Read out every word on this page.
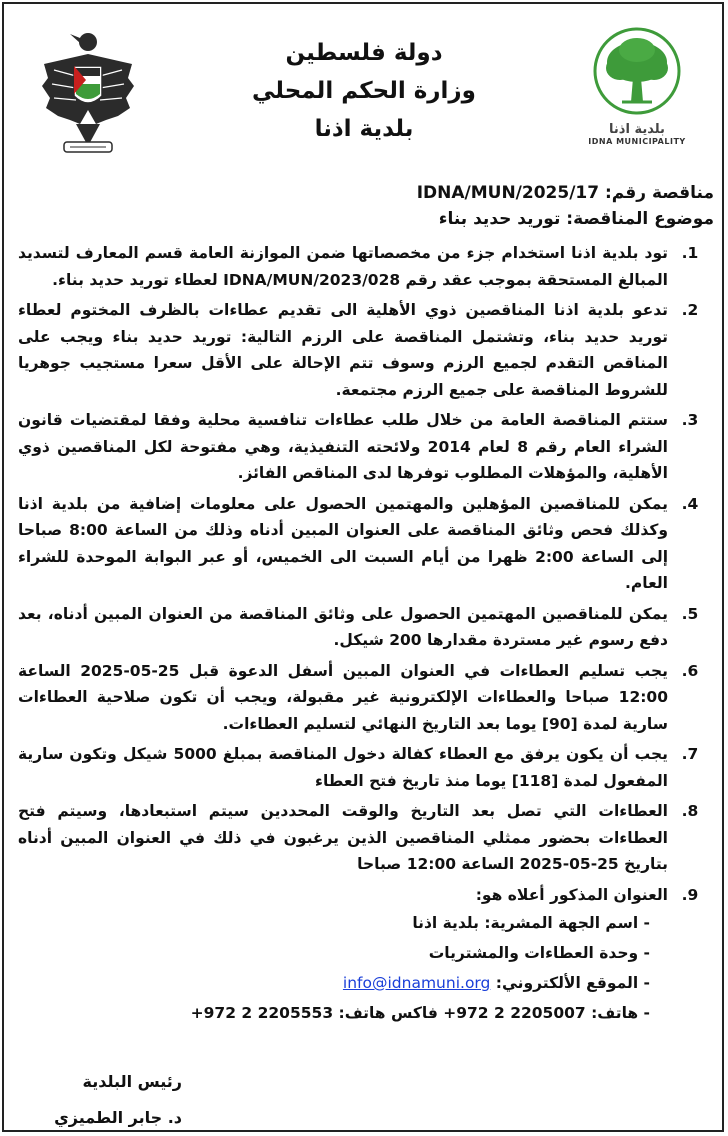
دولة فلسطين
وزارة الحكم المحلي
بلدية اذنا	بلدية اذنا
IDNA MUNICIPALITY
مناقصة رقم: IDNA/MUN/2025/17
موضوع المناقصة: توريد حديد بناء
.1
تود بلدية اذنا استخدام جزء من مخصصاتها ضمن الموازنة العامة قسم المعارف لتسديد المبالغ المستحقة بموجب عقد رقم IDNA/MUN/2023/028 لعطاء توريد حديد بناء.
.2
تدعو بلدية اذنا المناقصين ذوي الأهلية الى تقديم عطاءات بالظرف المختوم لعطاء توريد حديد بناء، وتشتمل المناقصة على الرزم التالية: توريد حديد بناء ويجب على المناقص التقدم لجميع الرزم وسوف تتم الإحالة على الأقل سعرا مستجيب جوهريا للشروط المناقصة على جميع الرزم مجتمعة.
.3
ستتم المناقصة العامة من خلال طلب عطاءات تنافسية محلية وفقا لمقتضيات قانون الشراء العام رقم 8 لعام 2014 ولائحته التنفيذية، وهي مفتوحة لكل المناقصين ذوي الأهلية، والمؤهلات المطلوب توفرها لدى المناقص الفائز.
.4
يمكن للمناقصين المؤهلين والمهتمين الحصول على معلومات إضافية من بلدية اذنا وكذلك فحص وثائق المناقصة على العنوان المبين أدناه وذلك من الساعة 8:00 صباحا إلى الساعة 2:00 ظهرا من أيام السبت الى الخميس، أو عبر البوابة الموحدة للشراء العام.
.5
يمكن للمناقصين المهتمين الحصول على وثائق المناقصة من العنوان المبين أدناه، بعد دفع رسوم غير مستردة مقدارها 200 شيكل.
.6
يجب تسليم العطاءات في العنوان المبين أسفل الدعوة قبل 25-05-2025 الساعة 12:00 صباحا والعطاءات الإلكترونية غير مقبولة، ويجب أن تكون صلاحية العطاءات سارية لمدة [90] يوما بعد التاريخ النهائي لتسليم العطاءات.
.7
يجب أن يكون يرفق مع العطاء كفالة دخول المناقصة بمبلغ 5000 شيكل وتكون سارية المفعول لمدة [118] يوما منذ تاريخ فتح العطاء
.8
العطاءات التي تصل بعد التاريخ والوقت المحددين سيتم استبعادها، وسيتم فتح العطاءات بحضور ممثلي المناقصين الذين يرغبون في ذلك في العنوان المبين أدناه بتاريخ 25-05-2025 الساعة 12:00 صباحا
.9
العنوان المذكور أعلاه هو:
- اسم الجهة المشرية: بلدية اذنا
- وحدة العطاءات والمشتريات
- الموقع الألكتروني: info@idnamuni.org
- هاتف: 2205007 2 972+ فاكس هاتف: 2205553 2 972+
رئيس البلدية
د. جابر الطميزي
